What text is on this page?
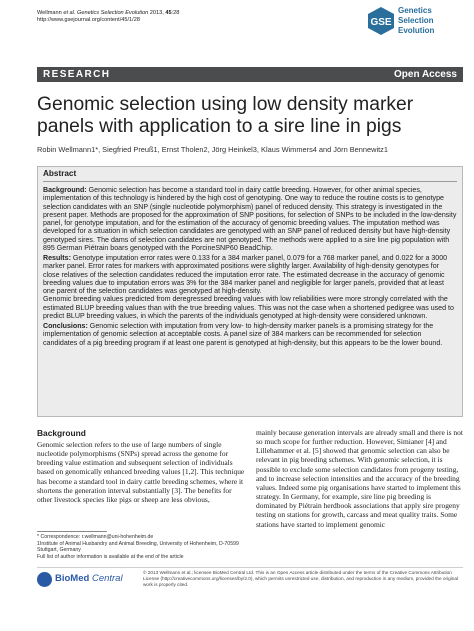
Wellmann et al. Genetics Selection Evolution 2013, 45:28
http://www.gsejournal.org/content/45/1/28	GSE
Genetics
Selection
Evolution
RESEARCH	Open Access
Genomic selection using low density marker panels with application to a sire line in pigs
Robin Wellmann1*, Siegfried Preuß1, Ernst Tholen2, Jörg Heinkel3, Klaus Wimmers4 and Jörn Bennewitz1
Abstract

Background: Genomic selection has become a standard tool in dairy cattle breeding. However, for other animal species, implementation of this technology is hindered by the high cost of genotyping. One way to reduce the routine costs is to genotype selection candidates with an SNP (single nucleotide polymorphism) panel of reduced density. This strategy is investigated in the present paper. Methods are proposed for the approximation of SNP positions, for selection of SNPs to be included in the low-density panel, for genotype imputation, and for the estimation of the accuracy of genomic breeding values. The imputation method was developed for a situation in which selection candidates are genotyped with an SNP panel of reduced density but have high-density genotyped sires. The dams of selection candidates are not genotyped. The methods were applied to a sire line pig population with 895 German Piétrain boars genotyped with the PorcineSNP60 BeadChip.

Results: Genotype imputation error rates were 0.133 for a 384 marker panel, 0.079 for a 768 marker panel, and 0.022 for a 3000 marker panel. Error rates for markers with approximated positions were slightly larger. Availability of high-density genotypes for close relatives of the selection candidates reduced the imputation error rate. The estimated decrease in the accuracy of genomic breeding values due to imputation errors was 3% for the 384 marker panel and negligible for larger panels, provided that at least one parent of the selection candidates was genotyped at high-density.
Genomic breeding values predicted from deregressed breeding values with low reliabilities were more strongly correlated with the estimated BLUP breeding values than with the true breeding values. This was not the case when a shortened pedigree was used to predict BLUP breeding values, in which the parents of the individuals genotyped at high-density were considered unknown.

Conclusions: Genomic selection with imputation from very low- to high-density marker panels is a promising strategy for the implementation of genomic selection at acceptable costs. A panel size of 384 markers can be recommended for selection candidates of a pig breeding program if at least one parent is genotyped at high-density, but this appears to be the lower bound.

Background
Genomic selection refers to the use of large numbers of single nucleotide polymorphisms (SNPs) spread across the genome for breeding value estimation and subsequent selection of individuals based on genomically enhanced breeding values [1,2]. This technique has become a standard tool in dairy cattle breeding schemes, where it shortens the generation interval substantially [3]. The benefits for other livestock species like pigs or sheep are less obvious,
mainly because generation intervals are already small and there is not so much scope for further reduction. However, Simianer [4] and Lillehammer et al. [5] showed that genomic selection can also be relevant in pig breeding schemes. With genomic selection, it is possible to exclude some selection candidates from progeny testing, and to increase selection intensities and the accuracy of the breeding values. Indeed some pig organisations have started to implement this strategy. In Germany, for example, sire line pig breeding is dominated by Piétrain herdbook associations that apply sire progeny testing on stations for growth, carcass and meat quality traits. Some stations have started to implement genomic
* Correspondence: r.wellmann@uni-hohenheim.de
1Institute of Animal Husbandry and Animal Breeding, University of Hohenheim, D-70599 Stuttgart, Germany
Full list of author information is available at the end of the article
BioMed Central
© 2013 Wellmann et al.; licensee BioMed Central Ltd. This is an Open Access article distributed under the terms of the Creative Commons Attribution License (http://creativecommons.org/licenses/by/2.0), which permits unrestricted use, distribution, and reproduction in any medium, provided the original work is properly cited.
